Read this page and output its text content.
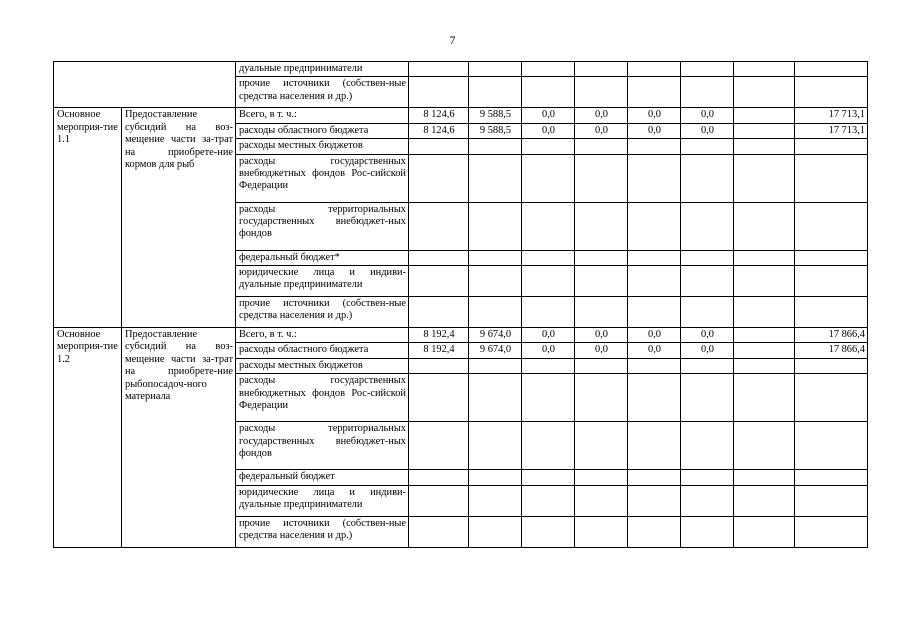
7
		дуальные предприниматели								
		прочие источники (собствен-ные средства населения и др.)								
Основное мероприя-тие 1.1	Предоставление субсидий на воз-мещение части за-трат на приобрете-ние кормов для рыб	Всего, в т. ч.:	8 124,6	9 588,5	0,0	0,0	0,0	0,0		17 713,1
		расходы областного бюджета	8 124,6	9 588,5	0,0	0,0	0,0	0,0		17 713,1
		расходы местных бюджетов								
		расходы государственных внебюджетных фондов Рос-сийской Федерации								
		расходы территориальных государственных внебюджет-ных фондов								
		федеральный бюджет*								
		юридические лица и индиви-дуальные предприниматели								
		прочие источники (собствен-ные средства населения и др.)								
Основное мероприя-тие 1.2	Предоставление субсидий на воз-мещение части за-трат на приобрете-ние рыбопосадоч-ного материала	Всего, в т. ч.:	8 192,4	9 674,0	0,0	0,0	0,0	0,0		17 866,4
		расходы областного бюджета	8 192,4	9 674,0	0,0	0,0	0,0	0,0		17 866,4
		расходы местных бюджетов								
		расходы государственных внебюджетных фондов Рос-сийской Федерации								
		расходы территориальных государственных внебюджет-ных фондов								
		федеральный бюджет								
		юридические лица и индиви-дуальные предприниматели								
		прочие источники (собствен-ные средства населения и др.)								
